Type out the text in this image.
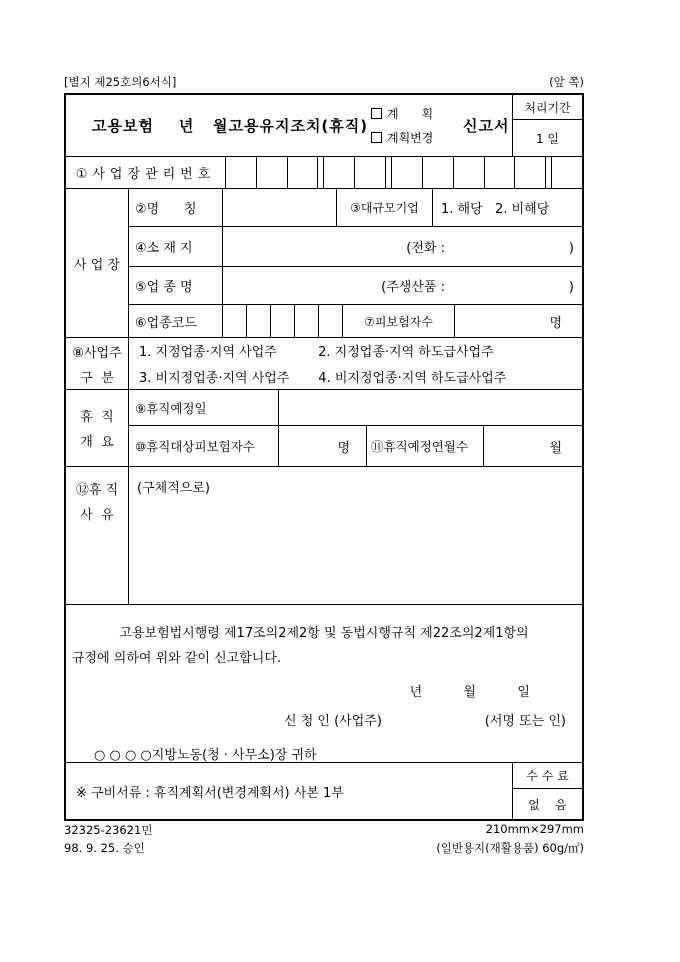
[별지 제25호의6서식]	(앞 쪽)
고용보험    년   월고용유지조치(휴직)
계      획
계획변경
신고서
처리기간
1 일
①사업장관리번호
사 업 장
②명      칭	③대규모기업 1. 해당   2. 비해당
④소 재 지	(전화 :                              )
⑤업 종 명	(주생산품 :                              )
⑥업종코드	⑦피보험자수	명
⑧사업주
구  분
1. 지정업종·지역 사업주          2. 지정업종·지역 하도급사업주
3. 비지정업종·지역 사업주       4. 비지정업종·지역 하도급사업주
휴  직
개  요
⑨휴직예정일
⑩휴직대상피보험자수	명 ⑪휴직예정연월수	월
⑫휴 직
사  유
(구체적으로)
고용보험법시행령 제17조의2제2항 및 동법시행규칙 제22조의2제1항의
규정에 의하여 위와 같이 신고합니다.
년          월          일
신 청 인 (사업주)	(서명 또는 인)
○ ○ ○ ○지방노동(청 · 사무소)장 귀하
※ 구비서류 : 휴직계획서(변경계획서) 사본 1부
수 수 료
없    음
32325-23621민
98. 9. 25. 승인
210mm×297mm
(일반용지(재활용품) 60g/㎡)
